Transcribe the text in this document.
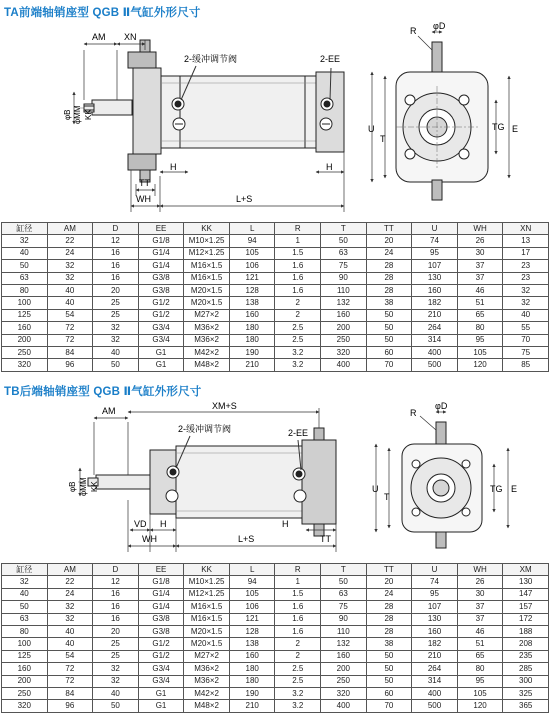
TA前端轴销座型 QGB Ⅱ气缸外形尺寸
AM XN
2-缓冲调节阀	2-EE
R φD
φB φMM KK
H	H
TT
WH	L+S
U
T
TG E
缸径	AM	D	EE	KK	L	R	T	TT	U	WH	XN
32	22	12	G1/8	M10×1.25	94	1	50	20	74	26	13
40	24	16	G1/4	M12×1.25	105	1.5	63	24	95	30	17
50	32	16	G1/4	M16×1.5	106	1.6	75	28	107	37	23
63	32	16	G3/8	M16×1.5	121	1.6	90	28	130	37	23
80	40	20	G3/8	M20×1.5	128	1.6	110	28	160	46	32
100	40	25	G1/2	M20×1.5	138	2	132	38	182	51	32
125	54	25	G1/2	M27×2	160	2	160	50	210	65	40
160	72	32	G3/4	M36×2	180	2.5	200	50	264	80	55
200	72	32	G3/4	M36×2	180	2.5	250	50	314	95	70
250	84	40	G1	M42×2	190	3.2	320	60	400	105	75
320	96	50	G1	M48×2	210	3.2	400	70	500	120	85
TB后端轴销座型 QGB Ⅱ气缸外形尺寸
AM	XM+S
2-缓冲调节阀	2-EE
R
φD
φB φMM KK
VD H	H
TT
WH	L+S
U
T
TG E
缸径	AM	D	EE	KK	L	R	T	TT	U	WH	XM
32	22	12	G1/8	M10×1.25	94	1	50	20	74	26	130
40	24	16	G1/4	M12×1.25	105	1.5	63	24	95	30	147
50	32	16	G1/4	M16×1.5	106	1.6	75	28	107	37	157
63	32	16	G3/8	M16×1.5	121	1.6	90	28	130	37	172
80	40	20	G3/8	M20×1.5	128	1.6	110	28	160	46	188
100	40	25	G1/2	M20×1.5	138	2	132	38	182	51	208
125	54	25	G1/2	M27×2	160	2	160	50	210	65	235
160	72	32	G3/4	M36×2	180	2.5	200	50	264	80	285
200	72	32	G3/4	M36×2	180	2.5	250	50	314	95	300
250	84	40	G1	M42×2	190	3.2	320	60	400	105	325
320	96	50	G1	M48×2	210	3.2	400	70	500	120	365
